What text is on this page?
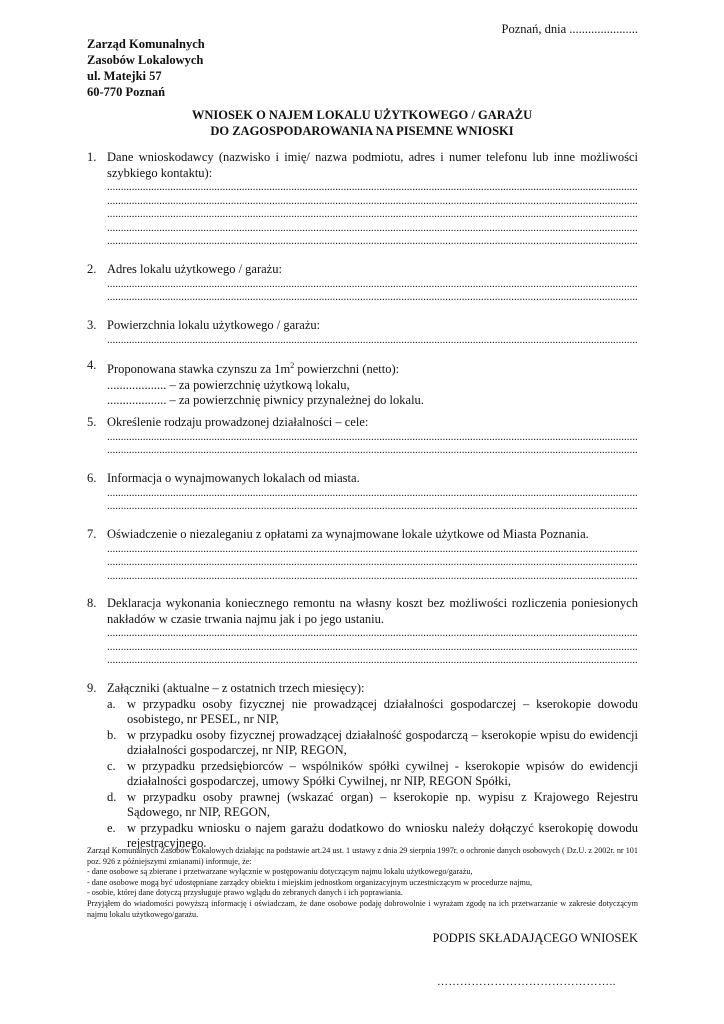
Poznań, dnia ......................
Zarząd Komunalnych
Zasobów Lokalowych
ul. Matejki 57
60-770 Poznań
WNIOSEK O NAJEM LOKALU UŻYTKOWEGO / GARAŻU
DO ZAGOSPODAROWANIA NA PISEMNE WNIOSKI
1. Dane wnioskodawcy (nazwisko i imię/ nazwa podmiotu, adres i numer telefonu lub inne możliwości szybkiego kontaktu):
.....
.....
.....
.....
.....
2. Adres lokalu użytkowego / garażu:
.....
.....
3. Powierzchnia lokalu użytkowego / garażu:
.....
4. Proponowana stawka czynszu za $1m^2$ powierzchni (netto):
................... – za powierzchnię użytkową lokalu,
................... – za powierzchnię piwnicy przynależnej do lokalu.
5. Określenie rodzaju prowadzonej działalności – cele:
.....
.....
6. Informacja o wynajmowanych lokalach od miasta.
.....
.....
7. Oświadczenie o niezaleganiu z opłatami za wynajmowane lokale użytkowe od Miasta Poznania.
.....
.....
.....
8. Deklaracja wykonania koniecznego remontu na własny koszt bez możliwości rozliczenia poniesionych nakładów w czasie trwania najmu jak i po jego ustaniu.
.....
.....
.....
9. Załączniki (aktualne – z ostatnich trzech miesięcy):
a. w przypadku osoby fizycznej nie prowadzącej działalności gospodarczej – kserokopie dowodu osobistego, nr PESEL, nr NIP,
b. w przypadku osoby fizycznej prowadzącej działalność gospodarczą – kserokopie wpisu do ewidencji działalności gospodarczej, nr NIP, REGON,
c. w przypadku przedsiębiorców – wspólników spółki cywilnej - kserokopie wpisów do ewidencji działalności gospodarczej, umowy Spółki Cywilnej, nr NIP, REGON Spółki,
d. w przypadku osoby prawnej (wskazać organ) – kserokopie np. wypisu z Krajowego Rejestru Sądowego, nr NIP, REGON,
e. w przypadku wniosku o najem garażu dodatkowo do wniosku należy dołączyć kserokopię dowodu rejestracyjnego.
Zarząd Komunalnych Zasobów Lokalowych działając na podstawie art.24 ust. 1 ustawy z dnia 29 sierpnia 1997r. o ochronie danych osobowych ( Dz.U. z 2002r. nr 101 poz. 926 z późniejszymi zmianami) informuje, że:
- dane osobowe są zbierane i przetwarzane wyłącznie w postępowaniu dotyczącym najmu lokalu użytkowego/garażu,
- dane osobowe mogą być udostępniane zarządcy obiektu i miejskim jednostkom organizacyjnym uczestniczącym w procedurze najmu,
- osobie, której dane dotyczą przysługuje prawo wglądu do zebranych danych i ich poprawiania.
Przyjąłem do wiadomości powyższą informację i oświadczam, że dane osobowe podaję dobrowolnie i wyrażam zgodę na ich przetwarzanie w zakresie dotyczącym najmu lokalu użytkowego/garażu.
PODPIS SKŁADAJĄCEGO WNIOSEK
………………………………………..
